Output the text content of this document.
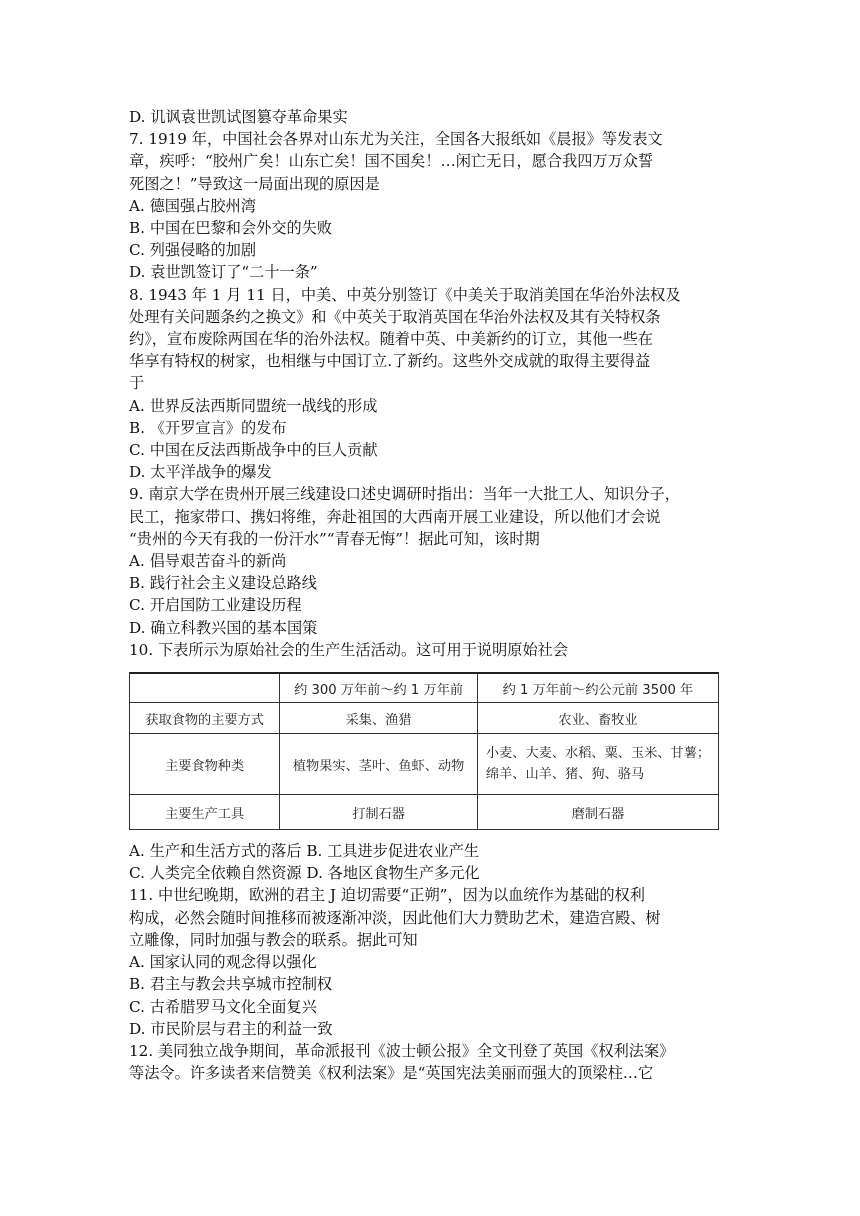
D. 讥讽袁世凯试图篡夺革命果实
7. 1919 年，中国社会各界对山东尤为关注，全国各大报纸如《晨报》等发表文
章，疾呼：“胶州广矣！山东亡矣！国不国矣！…闲亡无日，愿合我四万万众誓
死图之！”导致这一局面出现的原因是
A. 德国强占胶州湾
B. 中国在巴黎和会外交的失败
C. 列强侵略的加剧
D. 袁世凯签订了“二十一条”
8. 1943 年 1 月 11 日，中美、中英分别签订《中美关于取消美国在华治外法权及
处理有关问题条约之换文》和《中英关于取消英国在华治外法权及其有关特权条
约》，宣布废除两国在华的治外法权。随着中英、中美新约的订立，其他一些在
华享有特权的树家，也相继与中国订立.了新约。这些外交成就的取得主要得益
于
A. 世界反法西斯同盟统一战线的形成
B. 《开罗宣言》的发布
C. 中国在反法西斯战争中的巨人贡献
D. 太平洋战争的爆发
9. 南京大学在贵州开展三线建设口述史调研时指出：当年一大批工人、知识分子，
民工，拖家带口、携妇将维，奔赴祖国的大西南开展工业建设，所以他们才会说
“贵州的今天有我的一份汗水”“青春无悔”！据此可知，该时期
A. 倡导艰苦奋斗的新尚
B. 践行社会主义建设总路线
C. 开启国防工业建设历程
D. 确立科教兴国的基本国策
10. 下表所示为原始社会的生产生活活动。这可用于说明原始社会
	约 300 万年前～约 1 万年前	约 1 万年前～约公元前 3500 年
获取食物的主要方式	采集、渔猎	农业、畜牧业
主要食物种类	植物果实、茎叶、鱼虾、动物	小麦、大麦、水稻、粟、玉米、甘薯；
绵羊、山羊、猪、狗、骆马

主要生产工具	打制石器	磨制石器
A. 生产和生活方式的落后 B. 工具进步促进农业产生
C. 人类完全依赖自然资源 D. 各地区食物生产多元化
11. 中世纪晚期，欧洲的君主 J 迫切需要“正朔”，因为以血统作为基础的权利
构成，必然会随时间推移而被逐渐冲淡，因此他们大力赞助艺术，建造宫殿、树
立雕像，同时加强与教会的联系。据此可知
A. 国家认同的观念得以强化
B. 君主与教会共享城市控制权
C. 古希腊罗马文化全面复兴
D. 市民阶层与君主的利益一致
12. 美同独立战争期间，革命派报刊《波士顿公报》全文刊登了英国《权利法案》
等法令。许多读者来信赞美《权利法案》是“英国宪法美丽而强大的顶梁柱…它
